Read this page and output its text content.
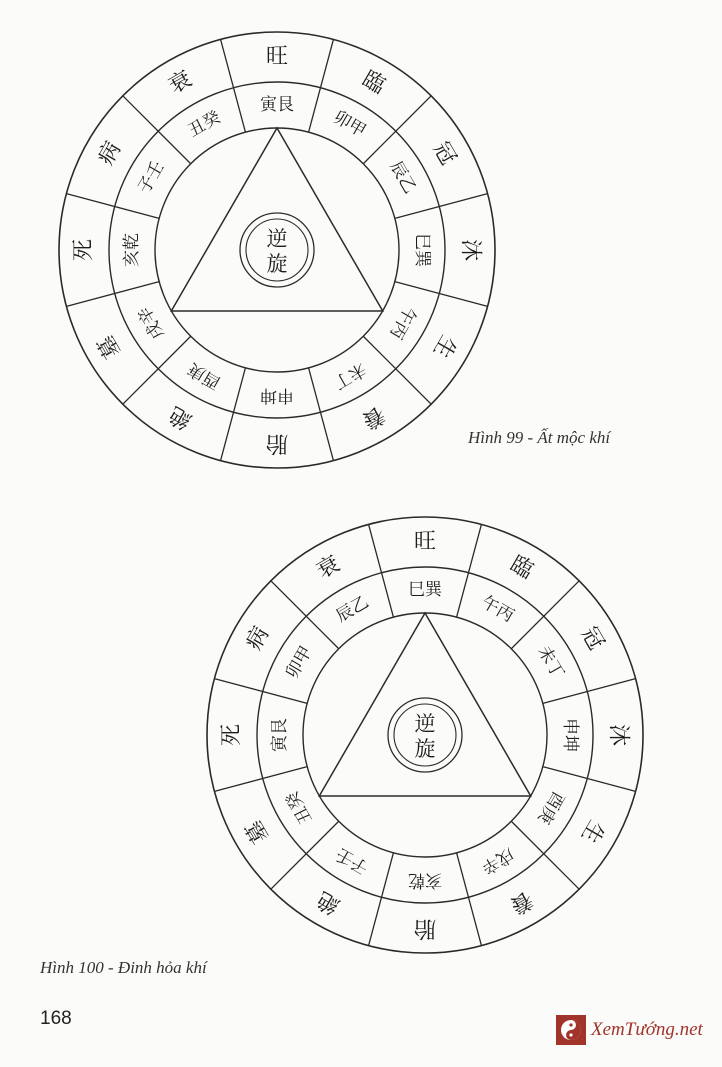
逆
旋
旺
臨
冠
沐
生
養
胎
絶
墓
死
病
衰
寅艮
卯甲
辰乙
巳巽
午丙
未丁
申坤
酉庚
戌辛
亥乾
子壬
丑癸
Hình 99 - Ất mộc khí
逆
旋
旺
臨
冠
沐
生
養
胎
絶
墓
死
病
衰
巳巽
午丙
未丁
申坤
酉庚
戌辛
亥乾
子壬
丑癸
寅艮
卯甲
辰乙
Hình 100 - Đinh hỏa khí
168
XemTướng.net
